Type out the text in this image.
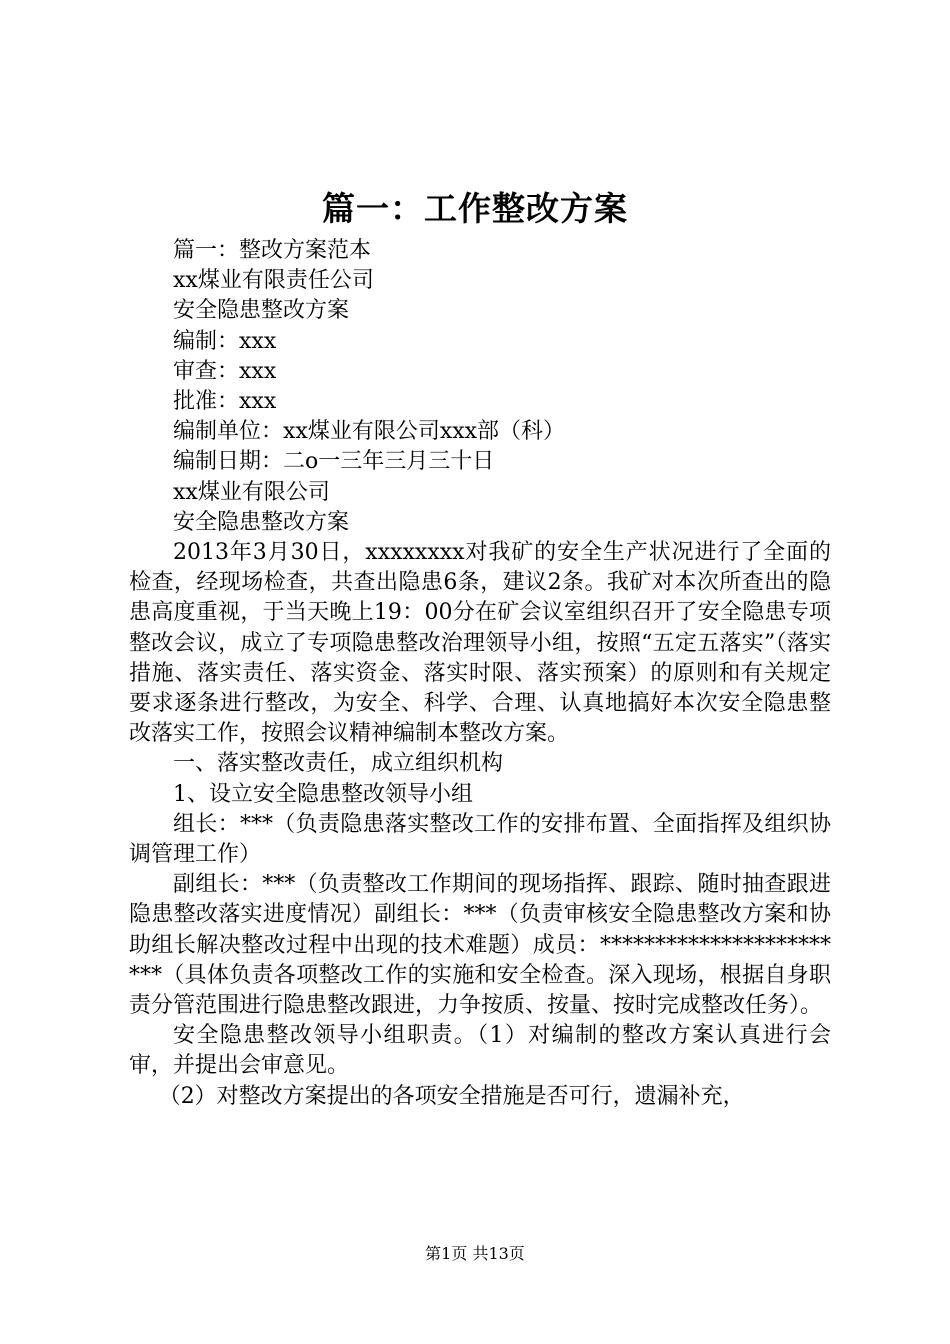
篇一：工作整改方案

篇一：整改方案范本

xx煤业有限责任公司

安全隐患整改方案

编制：xxx

审查：xxx

批准：xxx

编制单位：xx煤业有限公司xxx部（科）

编制日期：二o一三年三月三十日

xx煤业有限公司

安全隐患整改方案

2013年3月30日，xxxxxxxx对我矿的安全生产状况进行了全面的检查，经现场检查，共查出隐患6条，建议2条。我矿对本次所查出的隐患高度重视，于当天晚上19：00分在矿会议室组织召开了安全隐患专项整改会议，成立了专项隐患整改治理领导小组，按照“五定五落实”（落实措施、落实责任、落实资金、落实时限、落实预案）的原则和有关规定要求逐条进行整改，为安全、科学、合理、认真地搞好本次安全隐患整改落实工作，按照会议精神编制本整改方案。

一、落实整改责任，成立组织机构

1、设立安全隐患整改领导小组

组长：***（负责隐患落实整改工作的安排布置、全面指挥及组织协调管理工作）

副组长：***（负责整改工作期间的现场指挥、跟踪、随时抽查跟进隐患整改落实进度情况）副组长：***（负责审核安全隐患整改方案和协助组长解决整改过程中出现的技术难题）成员：************************（具体负责各项整改工作的实施和安全检查。深入现场，根据自身职责分管范围进行隐患整改跟进，力争按质、按量、按时完成整改任务）。

安全隐患整改领导小组职责。（1）对编制的整改方案认真进行会审，并提出会审意见。

（2）对整改方案提出的各项安全措施是否可行，遗漏补充，

第1页 共13页
